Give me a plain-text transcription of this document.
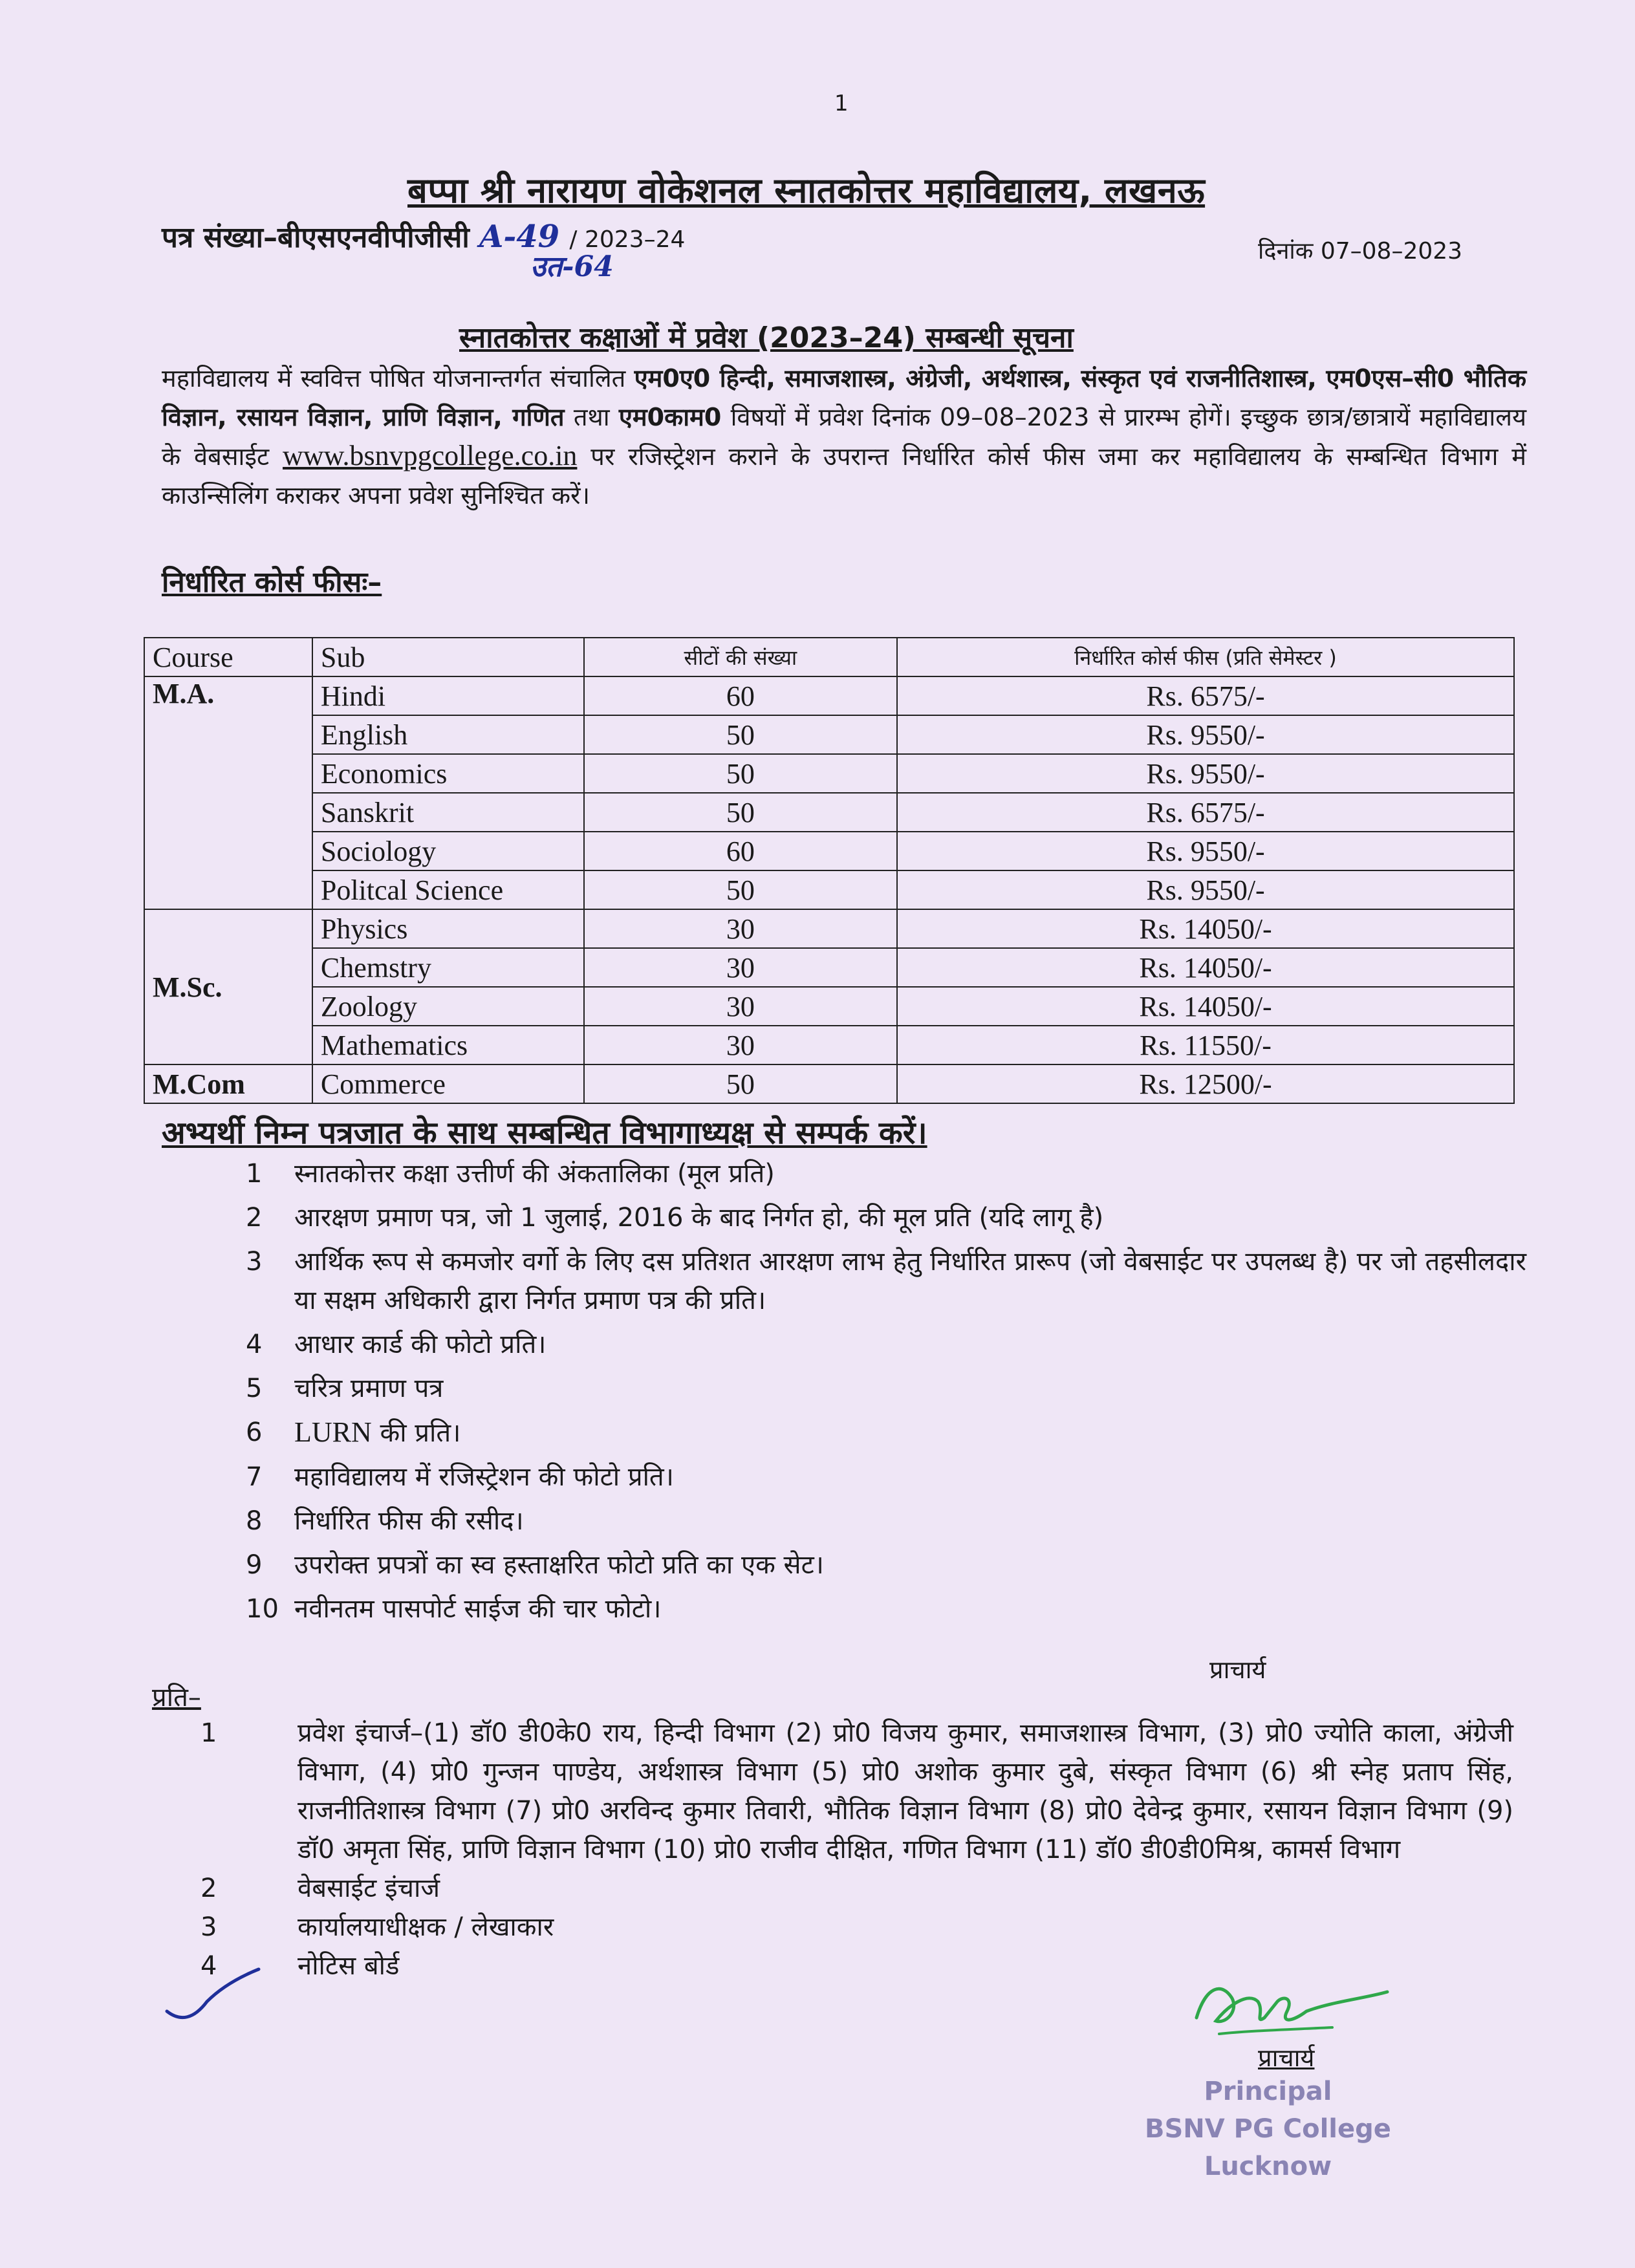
1
बप्पा श्री नारायण वोकेशनल स्नातकोत्तर महाविद्यालय, लखनऊ
पत्र संख्या–बीएसएनवीपीजीसी A-49 / 2023–24
उत-64	दिनांक 07–08–2023
स्नातकोत्तर कक्षाओं में प्रवेश (2023–24) सम्बन्धी सूचना
महाविद्यालय में स्ववित्त पोषित योजनान्तर्गत संचालित एम0ए0 हिन्दी, समाजशास्त्र, अंग्रेजी, अर्थशास्त्र, संस्कृत एवं राजनीतिशास्त्र, एम0एस–सी0 भौतिक विज्ञान, रसायन विज्ञान, प्राणि विज्ञान, गणित तथा एम0काम0 विषयों में प्रवेश दिनांक 09–08–2023 से प्रारम्भ होगें। इच्छुक छात्र/छात्रायें महाविद्यालय के वेबसाईट www.bsnvpgcollege.co.in पर रजिस्ट्रेशन कराने के उपरान्त निर्धारित कोर्स फीस जमा कर महाविद्यालय के सम्बन्धित विभाग में काउन्सिलिंग कराकर अपना प्रवेश सुनिश्चित करें।
निर्धारित कोर्स फीसः–
Course	Sub	सीटों की संख्या	निर्धारित कोर्स फीस (प्रति सेमेस्टर )
M.A.	Hindi	60	Rs. 6575/-
	English	50	Rs. 9550/-
	Economics	50	Rs. 9550/-
	Sanskrit	50	Rs. 6575/-
	Sociology	60	Rs. 9550/-
	Politcal Science	50	Rs. 9550/-
M.Sc.	Physics	30	Rs. 14050/-
	Chemstry	30	Rs. 14050/-
	Zoology	30	Rs. 14050/-
	Mathematics	30	Rs. 11550/-
M.Com	Commerce	50	Rs. 12500/-
अभ्यर्थी निम्न पत्रजात के साथ सम्बन्धित विभागाध्यक्ष से सम्पर्क करें।
1	स्नातकोत्तर कक्षा उत्तीर्ण की अंकतालिका (मूल प्रति)
2	आरक्षण प्रमाण पत्र, जो 1 जुलाई, 2016 के बाद निर्गत हो, की मूल प्रति (यदि लागू है)
3	आर्थिक रूप से कमजोर वर्गो के लिए दस प्रतिशत आरक्षण लाभ हेतु निर्धारित प्रारूप (जो वेबसाईट पर उपलब्ध है) पर जो तहसीलदार या सक्षम अधिकारी द्वारा निर्गत प्रमाण पत्र की प्रति।
4	आधार कार्ड की फोटो प्रति।
5	चरित्र प्रमाण पत्र
6	LURN की प्रति।
7	महाविद्यालय में रजिस्ट्रेशन की फोटो प्रति।
8	निर्धारित फीस की रसीद।
9	उपरोक्त प्रपत्रों का स्व हस्ताक्षरित फोटो प्रति का एक सेट।
10 नवीनतम पासपोर्ट साईज की चार फोटो।
प्राचार्य
प्रति–
1	प्रवेश इंचार्ज–(1) डॉ0 डी0के0 राय, हिन्दी विभाग (2) प्रो0 विजय कुमार, समाजशास्त्र विभाग, (3) प्रो0 ज्योति काला, अंग्रेजी विभाग, (4) प्रो0 गुन्जन पाण्डेय, अर्थशास्त्र विभाग (5) प्रो0 अशोक कुमार दुबे, संस्कृत विभाग (6) श्री स्नेह प्रताप सिंह, राजनीतिशास्त्र विभाग (7) प्रो0 अरविन्द कुमार तिवारी, भौतिक विज्ञान विभाग (8) प्रो0 देवेन्द्र कुमार, रसायन विज्ञान विभाग (9) डॉ0 अमृता सिंह, प्राणि विज्ञान विभाग (10) प्रो0 राजीव दीक्षित, गणित विभाग (11) डॉ0 डी0डी0मिश्र, कामर्स विभाग
2	वेबसाईट इंचार्ज
3	कार्यालयाधीक्षक / लेखाकार
4	नोटिस बोर्ड
प्राचार्य
Principal
BSNV PG College
Lucknow
